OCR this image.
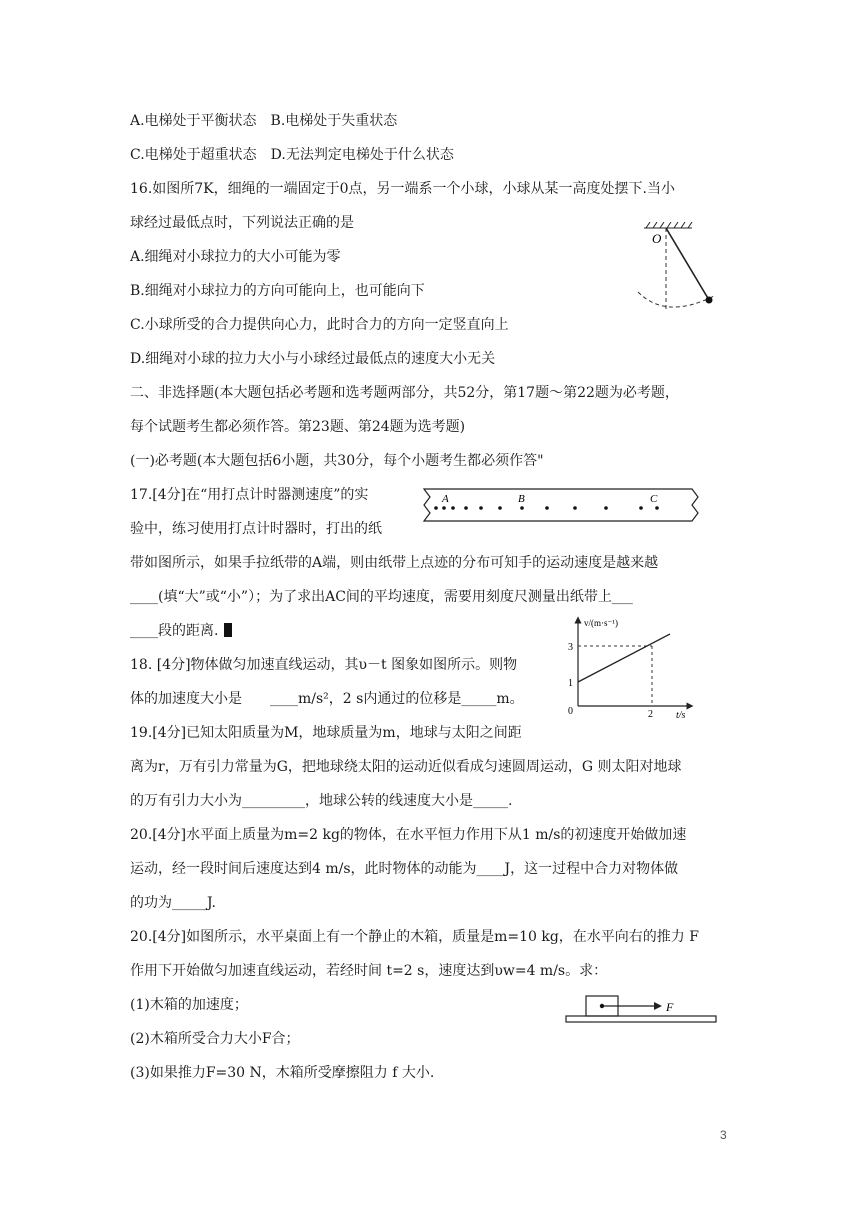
A.电梯处于平衡状态　B.电梯处于失重状态
C.电梯处于超重状态　D.无法判定电梯处于什么状态
16.如图所7K，细绳的一端固定于0点，另一端系一个小球，小球从某一高度处摆下.当小
球经过最低点时，下列说法正确的是
A.细绳对小球拉力的大小可能为零
B.细绳对小球拉力的方向可能向上，也可能向下
C.小球所受的合力提供向心力，此时合力的方向一定竖直向上
D.细绳对小球的拉力大小与小球经过最低点的速度大小无关
二、非选择题(本大题包括必考题和选考题两部分，共52分，第17题～第22题为必考题，
每个试题考生都必须作答。第23题、第24题为选考题)
(一)必考题(本大题包括6小题，共30分，每个小题考生都必须作答"
17.[4分]在“用打点计时器测速度”的实
验中，练习使用打点计时器时，打出的纸
带如图所示，如果手拉纸带的A端，则由纸带上点迹的分布可知手的运动速度是越来越
____(填“大”或“小”）；为了求出AC间的平均速度，需要用刻度尺测量出纸带上___
____段的距离.
18. [4分]物体做匀加速直线运动，其υ－t 图象如图所示。则物
体的加速度大小是　　____m/s²，2 s内通过的位移是_____m。
19.[4分]已知太阳质量为M，地球质量为m，地球与太阳之间距
离为r，万有引力常量为G，把地球绕太阳的运动近似看成匀速圆周运动，G 则太阳对地球
的万有引力大小为_________，地球公转的线速度大小是_____.
20.[4分]水平面上质量为m=2 kg的物体，在水平恒力作用下从1 m/s的初速度开始做加速
运动，经一段时间后速度达到4 m/s，此时物体的动能为____J，这一过程中合力对物体做
的功为_____J.
20.[4分]如图所示，水平桌面上有一个静止的木箱，质量是m=10 kg，在水平向右的推力 F
作用下开始做匀加速直线运动，若经时间 t=2 s，速度达到υw=4 m/s。求：
(1)木箱的加速度；
(2)木箱所受合力大小F合；
(3)如果推力F=30 N，木箱所受摩擦阻力 f 大小.
O
A	B	C
v/(m·s⁻¹)
t/s
3
1
0	2
F
3
